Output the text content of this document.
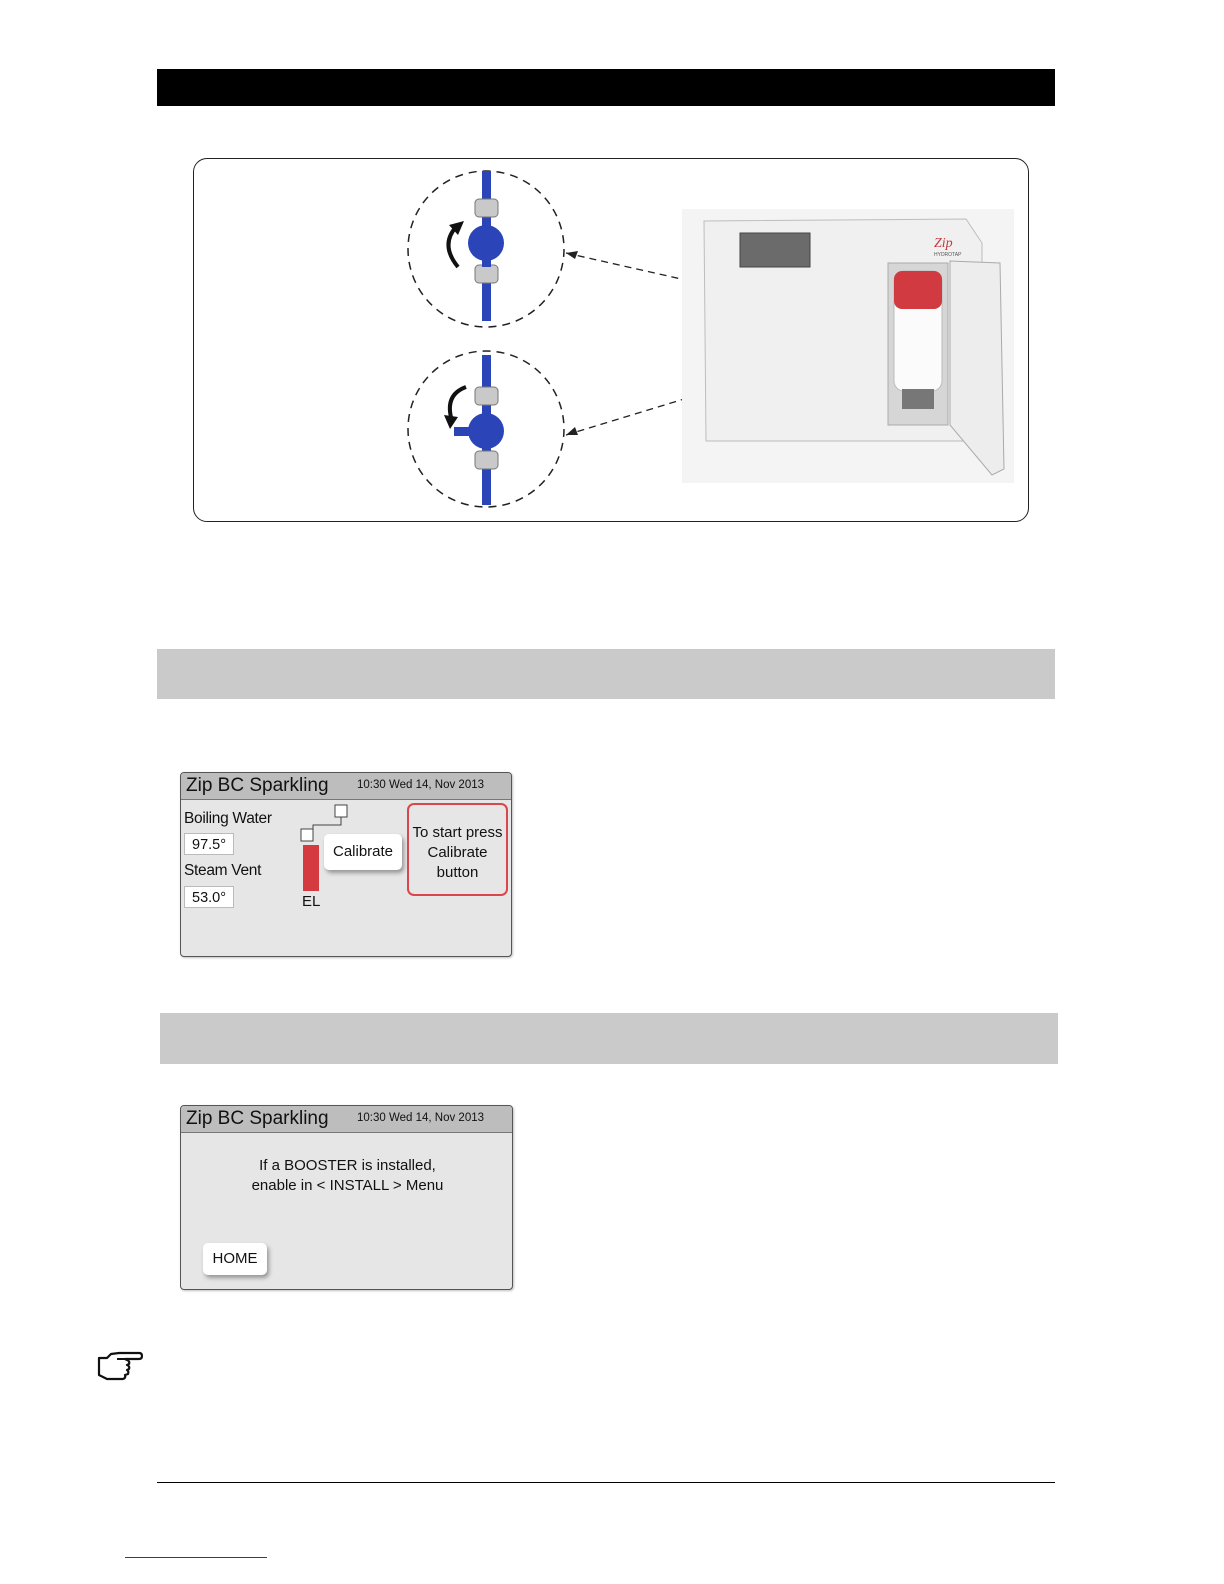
Zip
HYDROTAP
Zip BC Sparkling 10:30 Wed 14, Nov 2013
Boiling Water
97.5°
Steam Vent
53.0°	EL
Calibrate
To start press
Calibrate
button
Zip BC Sparkling 10:30 Wed 14, Nov 2013
If a BOOSTER is installed,
enable in < INSTALL > Menu
HOME
